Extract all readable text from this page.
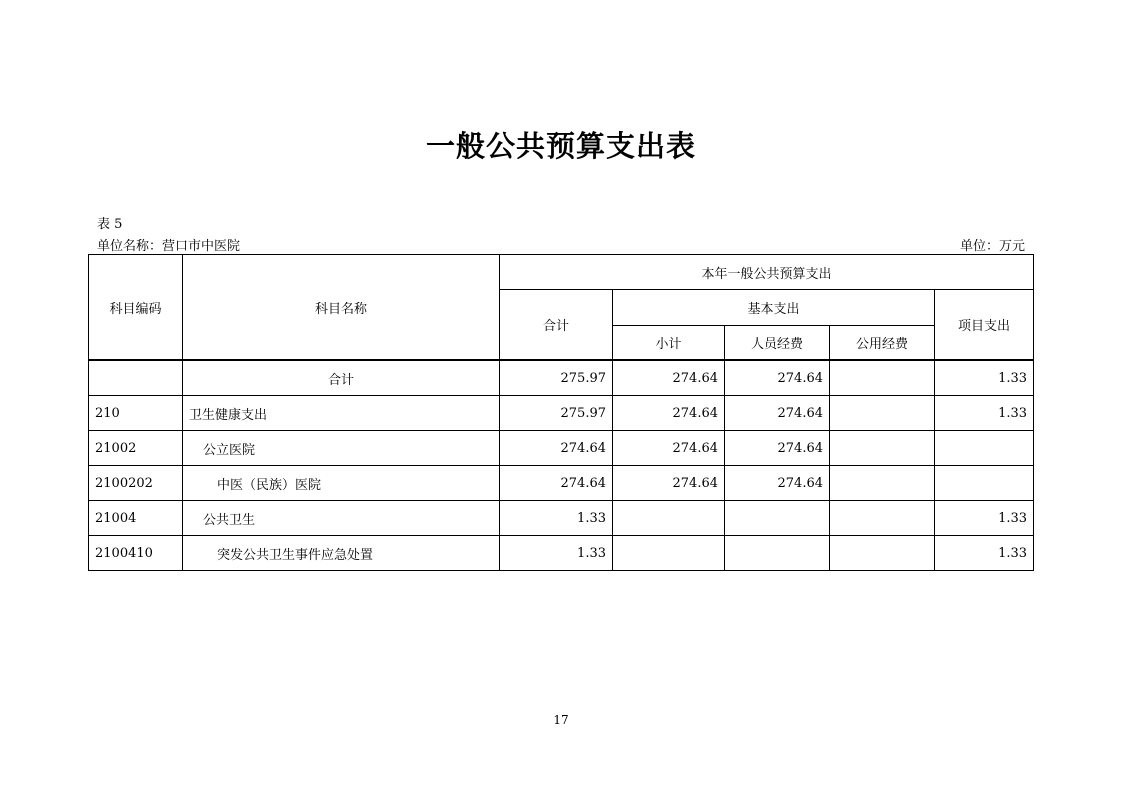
一般公共预算支出表
表 5
单位名称：营口市中医院	单位：万元
科目编码	科目名称	本年一般公共预算支出				
		合计	基本支出			项目支出
			小计	人员经费	公用经费	
	合计	275.97	274.64	274.64		1.33
210	卫生健康支出	275.97	274.64	274.64		1.33
21002	公立医院	274.64	274.64	274.64		
2100202	中医（民族）医院	274.64	274.64	274.64		
21004	公共卫生	1.33				1.33
2100410	突发公共卫生事件应急处置	1.33				1.33
17
